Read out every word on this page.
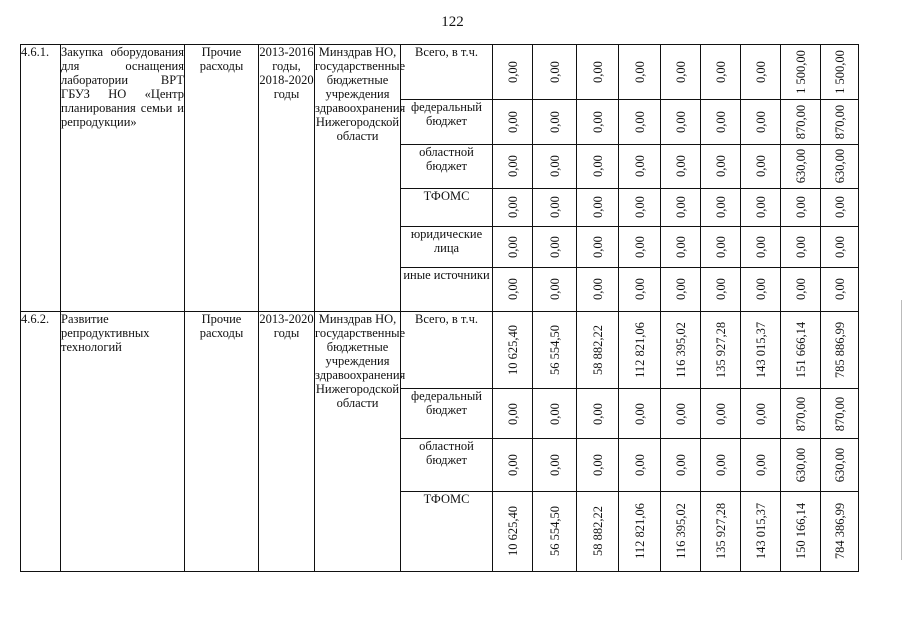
122
4.6.1.	Закупка оборудования для оснащения лаборатории ВРТ ГБУЗ НО «Центр планирования семьи и репродукции»	Прочие расходы	2013-2016 годы, 2018-2020 годы	Минздрав НО, государственные бюджетные учреждения здравоохранения Нижегородской области	Всего, в т.ч.	0,00	0,00	0,00	0,00	0,00	0,00	0,00	1 500,00	1 500,00

					федеральный бюджет	0,00	0,00	0,00	0,00	0,00	0,00	0,00	870,00	870,00

					областной бюджет	0,00	0,00	0,00	0,00	0,00	0,00	0,00	630,00	630,00

					ТФОМС	0,00	0,00	0,00	0,00	0,00	0,00	0,00	0,00	0,00

					юридические лица	0,00	0,00	0,00	0,00	0,00	0,00	0,00	0,00	0,00

					иные источники	0,00	0,00	0,00	0,00	0,00	0,00	0,00	0,00	0,00

4.6.2.	Развитие репродуктивных технологий	Прочие расходы	2013-2020 годы	Минздрав НО, государственные бюджетные учреждения здравоохранения Нижегородской области	Всего, в т.ч.	10 625,40	56 554,50	58 882,22	112 821,06	116 395,02	135 927,28	143 015,37	151 666,14	785 886,99

					федеральный бюджет	0,00	0,00	0,00	0,00	0,00	0,00	0,00	870,00	870,00

					областной бюджет	0,00	0,00	0,00	0,00	0,00	0,00	0,00	630,00	630,00

					ТФОМС	10 625,40	56 554,50	58 882,22	112 821,06	116 395,02	135 927,28	143 015,37	150 166,14	784 386,99
